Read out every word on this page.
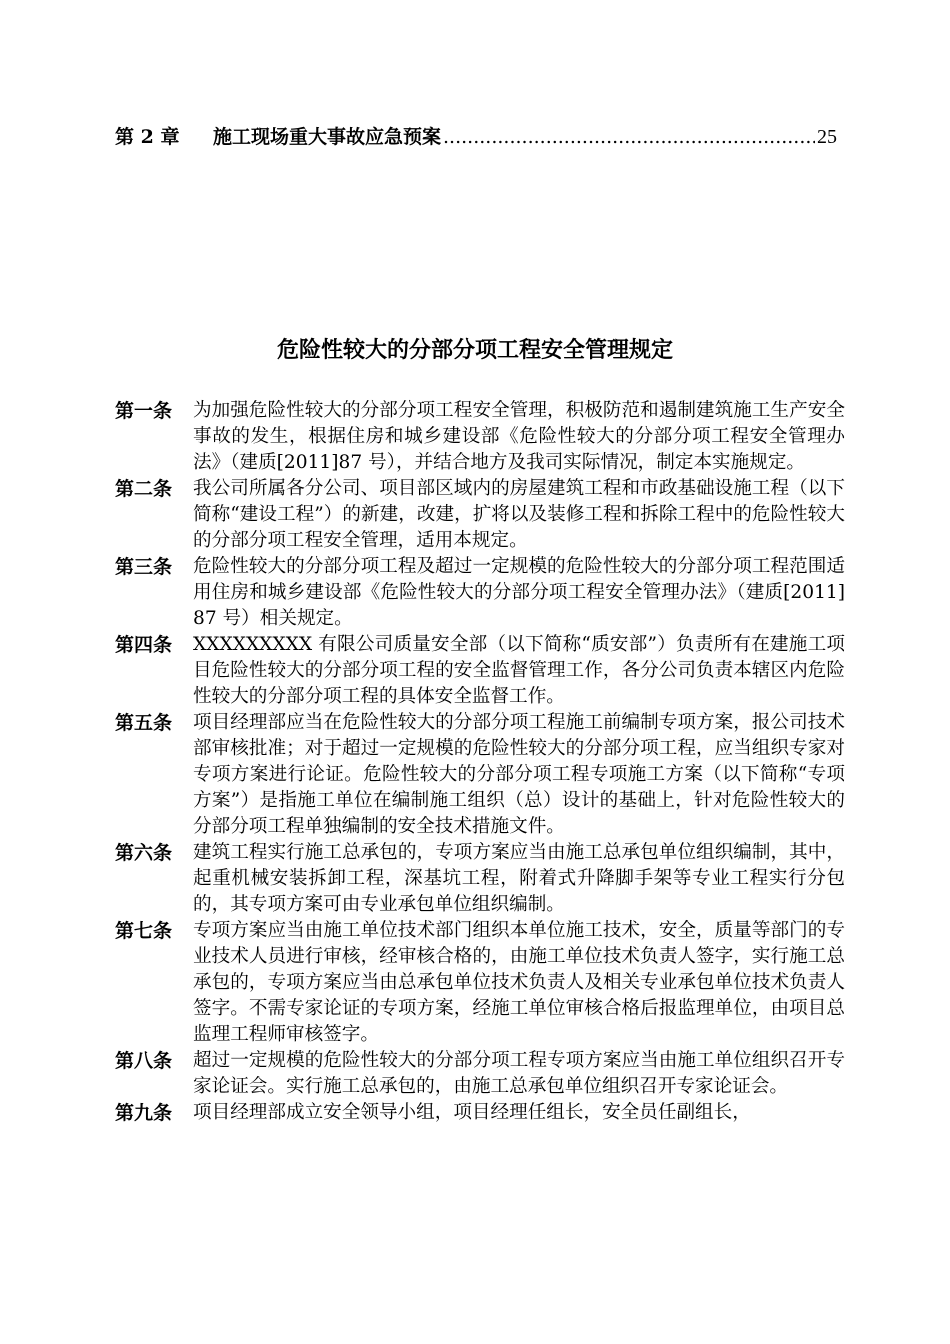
第 2 章	施工现场重大事故应急预案
.....	25
危险性较大的分部分项工程安全管理规定
第一条	为加强危险性较大的分部分项工程安全管理，积极防范和遏制建筑施工生产安全事故的发生，根据住房和城乡建设部《危险性较大的分部分项工程安全管理办法》（建质[2011]87 号），并结合地方及我司实际情况，制定本实施规定。
第二条	我公司所属各分公司、项目部区域内的房屋建筑工程和市政基础设施工程（以下简称“建设工程”）的新建，改建，扩将以及装修工程和拆除工程中的危险性较大的分部分项工程安全管理，适用本规定。
第三条	危险性较大的分部分项工程及超过一定规模的危险性较大的分部分项工程范围适用住房和城乡建设部《危险性较大的分部分项工程安全管理办法》（建质[2011]87 号）相关规定。
第四条	XXXXXXXXX 有限公司质量安全部（以下简称“质安部”）负责所有在建施工项目危险性较大的分部分项工程的安全监督管理工作，各分公司负责本辖区内危险性较大的分部分项工程的具体安全监督工作。
第五条	项目经理部应当在危险性较大的分部分项工程施工前编制专项方案，报公司技术部审核批准；对于超过一定规模的危险性较大的分部分项工程，应当组织专家对专项方案进行论证。危险性较大的分部分项工程专项施工方案（以下简称“专项方案”）是指施工单位在编制施工组织（总）设计的基础上，针对危险性较大的分部分项工程单独编制的安全技术措施文件。
第六条	建筑工程实行施工总承包的，专项方案应当由施工总承包单位组织编制，其中，起重机械安装拆卸工程，深基坑工程，附着式升降脚手架等专业工程实行分包的，其专项方案可由专业承包单位组织编制。
第七条	专项方案应当由施工单位技术部门组织本单位施工技术，安全，质量等部门的专业技术人员进行审核，经审核合格的，由施工单位技术负责人签字，实行施工总承包的，专项方案应当由总承包单位技术负责人及相关专业承包单位技术负责人签字。不需专家论证的专项方案，经施工单位审核合格后报监理单位，由项目总监理工程师审核签字。
第八条	超过一定规模的危险性较大的分部分项工程专项方案应当由施工单位组织召开专家论证会。实行施工总承包的，由施工总承包单位组织召开专家论证会。
第九条	项目经理部成立安全领导小组，项目经理任组长，安全员任副组长，
